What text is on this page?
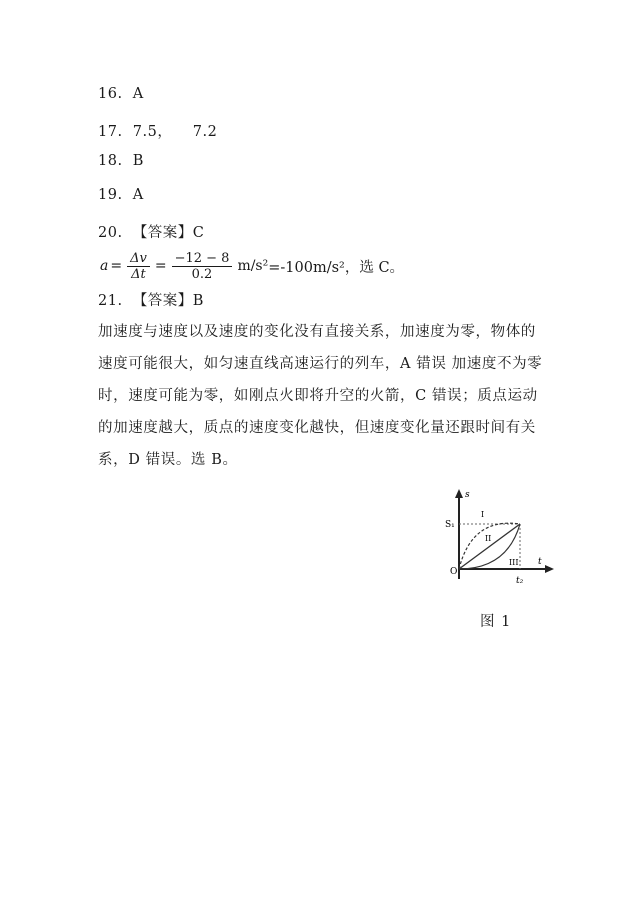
16. A
17. 7.5，    7.2
18. B
19. A
20. 【答案】C
$a = \frac{\Delta v}{\Delta t} = \frac{-12 - 8}{0.2} m/s^2 =-100m/s^2$，选 C。
21. 【答案】B
加速度与速度以及速度的变化没有直接关系，加速度为零，物体的速度可能很大，如匀速直线高速运行的列车，A 错误 加速度不为零时，速度可能为零，如刚点火即将升空的火箭，C 错误；质点运动的加速度越大，质点的速度变化越快，但速度变化量还跟时间有关系，D 错误。选 B。
s
t
O
S₁
t₂
I
II
III
图 1
